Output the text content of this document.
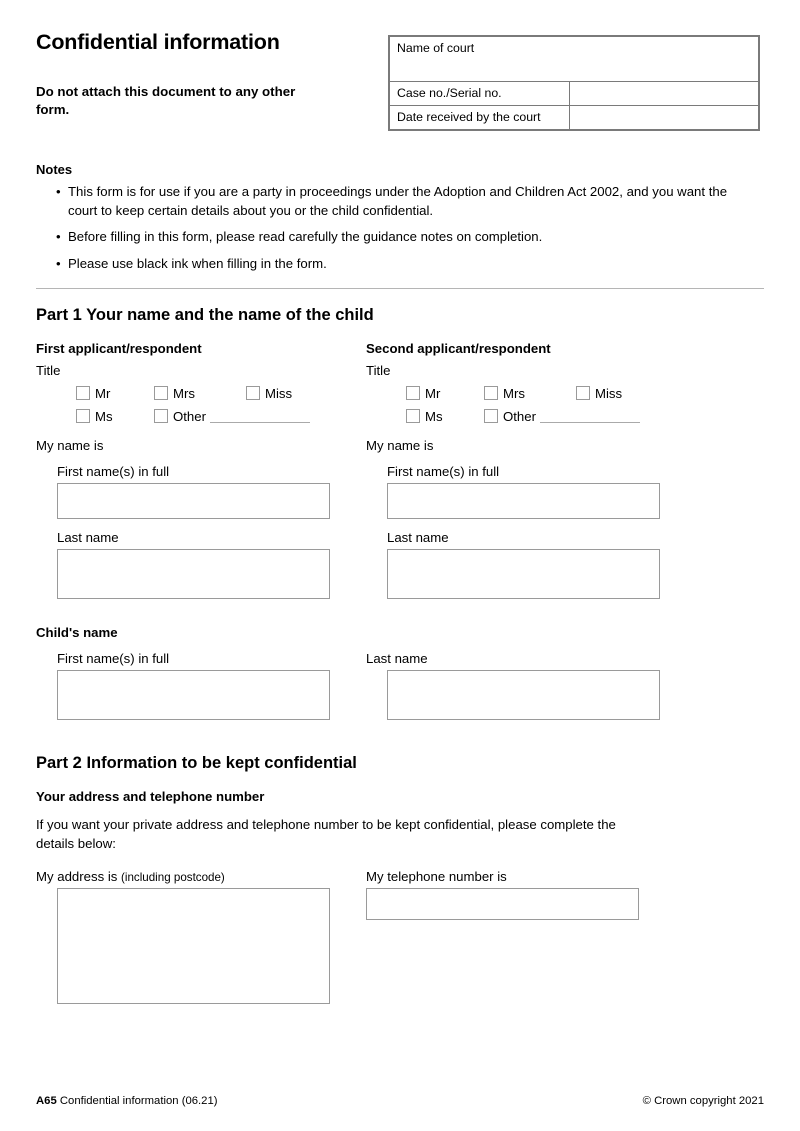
Confidential information
Do not attach this document to any other form.
Name of court	
Case no./Serial no.	
Date received by the court	
Notes
• This form is for use if you are a party in proceedings under the Adoption and Children Act 2002, and you want the court to keep certain details about you or the child confidential.
• Before filling in this form, please read carefully the guidance notes on completion.
• Please use black ink when filling in the form.
Part 1 Your name and the name of the child
First applicant/respondent
Title
Mr	Mrs	Miss
Ms	Other
My name is
First name(s) in full
Last name
Second applicant/respondent
Title
Mr	Mrs	Miss
Ms	Other
My name is
First name(s) in full
Last name
Child's name
First name(s) in full	Last name
Part 2 Information to be kept confidential
Your address and telephone number
If you want your private address and telephone number to be kept confidential, please complete the details below:
My address is (including postcode)	My telephone number is
A65 Confidential information (06.21)	© Crown copyright 2021
